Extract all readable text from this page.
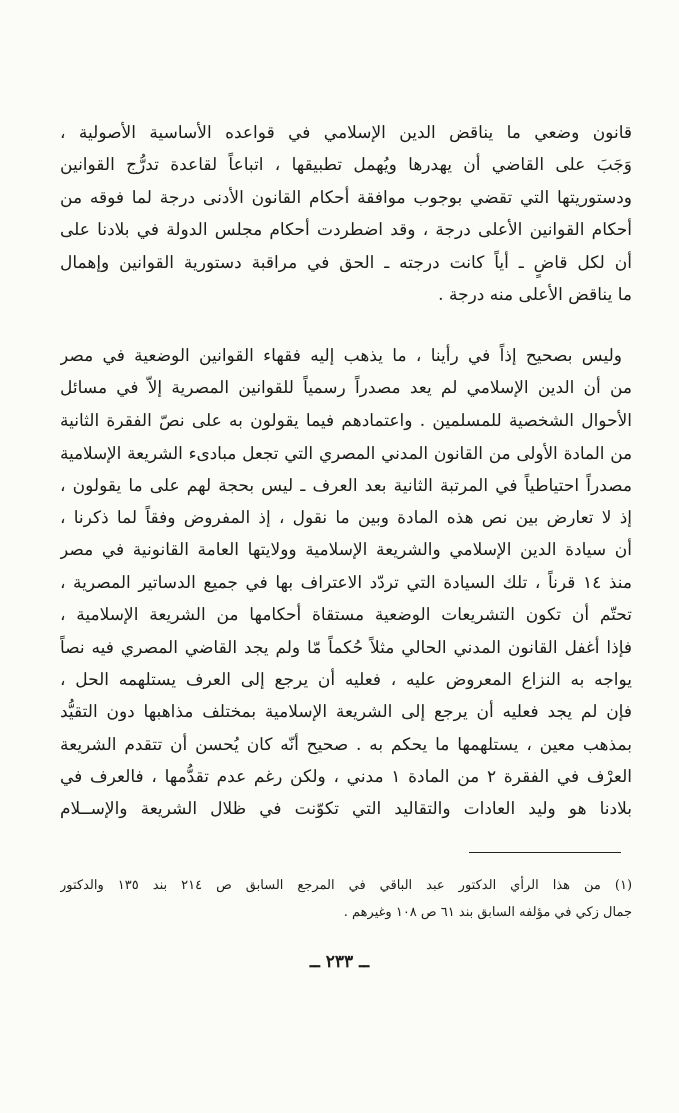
قانون وضعي ما يناقض الدين الإسلامي في قواعده الأساسية الأصولية ،
وَجَبَ على القاضي أن يهدرها ويُهمل تطبيقها ، اتباعاً لقاعدة تدرُّج القوانين
ودستوريتها التي تقضي بوجوب موافقة أحكام القانون الأدنى درجة لما فوقه من
أحكام القوانين الأعلى درجة ، وقد اضطردت أحكام مجلس الدولة في بلادنا على
أن لكل قاضٍ ـ أياً كانت درجته ـ الحق في مراقبة دستورية القوانين وإهمال
ما يناقض الأعلى منه درجة .
وليس بصحيح إذاً في رأينا ، ما يذهب إليه فقهاء القوانين الوضعية في مصر
من أن الدين الإسلامي لم يعد مصدراً رسمياً للقوانين المصرية إلاّ في مسائل
الأحوال الشخصية للمسلمين . واعتمادهم فيما يقولون به على نصّ الفقرة الثانية
من المادة الأولى من القانون المدني المصري التي تجعل مبادىء الشريعة الإسلامية
مصدراً احتياطياً في المرتبة الثانية بعد العرف ـ ليس بحجة لهم على ما يقولون ،
إذ لا تعارض بين نص هذه المادة وبين ما نقول ، إذ المفروض وفقاً لما ذكرنا ،
أن سيادة الدين الإسلامي والشريعة الإسلامية وولايتها العامة القانونية في مصر
منذ ١٤ قرناً ، تلك السيادة التي تردّد الاعتراف بها في جميع الدساتير المصرية ،
تحتّم أن تكون التشريعات الوضعية مستقاة أحكامها من الشريعة الإسلامية ،
فإذا أغفل القانون المدني الحالي مثلاً حُكماً مّا ولم يجد القاضي المصري فيه نصاً
يواجه به النزاع المعروض عليه ، فعليه أن يرجع إلى العرف يستلهمه الحل ،
فإن لم يجد فعليه أن يرجع إلى الشريعة الإسلامية بمختلف مذاهبها دون التقيُّد
بمذهب معين ، يستلهمها ما يحكم به . صحيح أنّه كان يُحسن أن تتقدم الشريعة
العرْف في الفقرة ٢ من المادة ١ مدني ، ولكن رغم عدم تقدُّمها ، فالعرف في
بلادنا هو وليد العادات والتقاليد التي تكوّنت في ظلال الشريعة والإســلام
(١) من هذا الرأي الدكتور عبد الباقي في المرجع السابق ص ٢١٤ بند ١٣٥ والدكتور
جمال زكي في مؤلفه السابق بند ٦١ ص ١٠٨ وغيرهم .
ــ ٢٣٣ ــ
